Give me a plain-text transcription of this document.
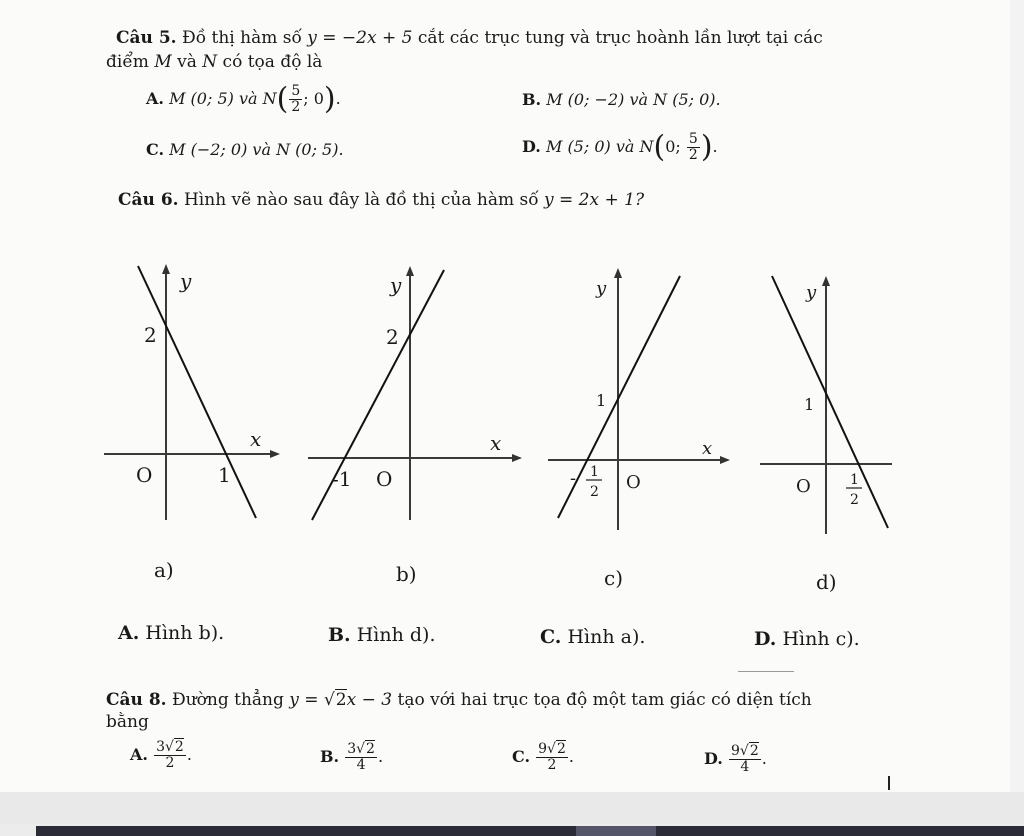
Câu 5. Đồ thị hàm số y = −2x + 5 cắt các trục tung và trục hoành lần lượt tại các
điểm M và N có tọa độ là
A. M (0; 5) và $N( \frac{5}{2}$ ; 0).	B. M (0; −2) và N (5; 0).
C. M (−2; 0) và N (0; 5).	D. M (5; 0) và N(0; $\frac{5}{2}$ ).
Câu 6. Hình vẽ nào sau đây là đồ thị của hàm số y = 2x + 1?
y
x
2
O	1
y
x
2
-1 O
y
x
1
- 1
2 O
y
1
O	1
2
a)	b)	c)	d)
A. Hình b).	B. Hình d).	C. Hình a).	D. Hình c).
Câu 8. Đường thẳng y = √2x − 3 tạo với hai trục tọa độ một tam giác có diện tích
bằng
A. $\frac{3√2}{2}$ .	B. $\frac{3√2}{4}$ .	C. $\frac{9√2}{2}$ .	D. $\frac{9√2}{4}$ .
